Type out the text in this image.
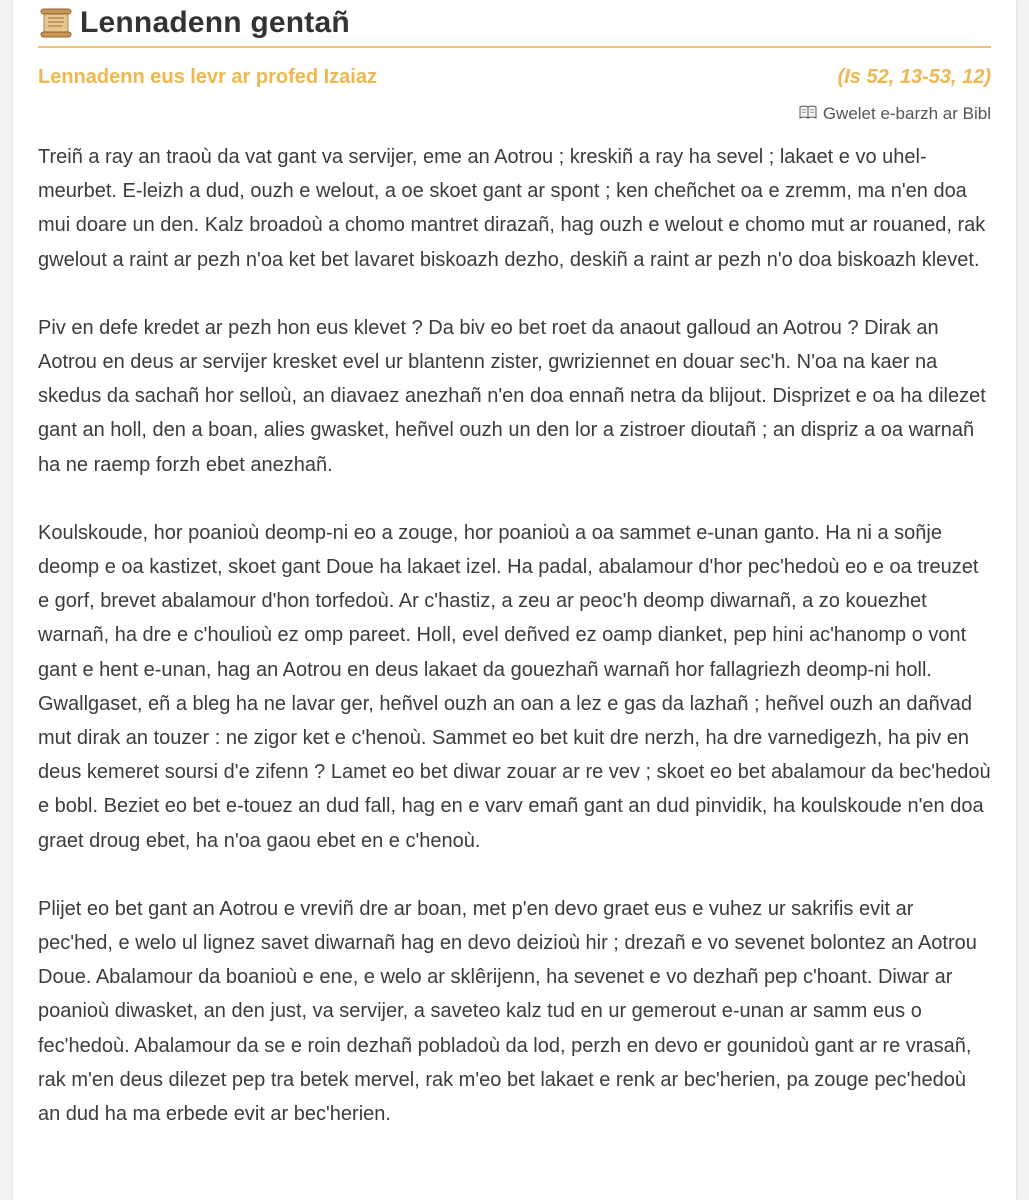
Lennadenn gentañ
Lennadenn eus levr ar profed Izaiaz	(Is 52, 13-53, 12)
Gwelet e-barzh ar Bibl

Treiñ a ray an traoù da vat gant va servijer, eme an Aotrou ; kreskiñ a ray ha sevel ; lakaet e vo uhel-meurbet. E-leizh a dud, ouzh e welout, a oe skoet gant ar spont ; ken cheñchet oa e zremm, ma n'en doa mui doare un den. Kalz broadoù a chomo mantret dirazañ, hag ouzh e welout e chomo mut ar rouaned, rak gwelout a raint ar pezh n'oa ket bet lavaret biskoazh dezho, deskiñ a raint ar pezh n'o doa biskoazh klevet.

Piv en defe kredet ar pezh hon eus klevet ? Da biv eo bet roet da anaout galloud an Aotrou ? Dirak an Aotrou en deus ar servijer kresket evel ur blantenn zister, gwriziennet en douar sec'h. N'oa na kaer na skedus da sachañ hor selloù, an diavaez anezhañ n'en doa ennañ netra da blijout. Disprizet e oa ha dilezet gant an holl, den a boan, alies gwasket, heñvel ouzh un den lor a zistroer dioutañ ; an dispriz a oa warnañ ha ne raemp forzh ebet anezhañ.

Koulskoude, hor poanioù deomp-ni eo a zouge, hor poanioù a oa sammet e-unan ganto. Ha ni a soñje deomp e oa kastizet, skoet gant Doue ha lakaet izel. Ha padal, abalamour d'hor pec'hedoù eo e oa treuzet e gorf, brevet abalamour d'hon torfedoù. Ar c'hastiz, a zeu ar peoc'h deomp diwarnañ, a zo kouezhet warnañ, ha dre e c'houlioù ez omp pareet. Holl, evel deñved ez oamp dianket, pep hini ac'hanomp o vont gant e hent e-unan, hag an Aotrou en deus lakaet da gouezhañ warnañ hor fallagriezh deomp-ni holl. Gwallgaset, eñ a bleg ha ne lavar ger, heñvel ouzh an oan a lez e gas da lazhañ ; heñvel ouzh an dañvad mut dirak an touzer : ne zigor ket e c'henoù. Sammet eo bet kuit dre nerzh, ha dre varnedigezh, ha piv en deus kemeret soursi d'e zifenn ? Lamet eo bet diwar zouar ar re vev ; skoet eo bet abalamour da bec'hedoù e bobl. Beziet eo bet e-touez an dud fall, hag en e varv emañ gant an dud pinvidik, ha koulskoude n'en doa graet droug ebet, ha n'oa gaou ebet en e c'henoù.

Plijet eo bet gant an Aotrou e vreviñ dre ar boan, met p'en devo graet eus e vuhez ur sakrifis evit ar pec'hed, e welo ul lignez savet diwarnañ hag en devo deizioù hir ; drezañ e vo sevenet bolontez an Aotrou Doue. Abalamour da boanioù e ene, e welo ar sklêrijenn, ha sevenet e vo dezhañ pep c'hoant. Diwar ar poanioù diwasket, an den just, va servijer, a saveteo kalz tud en ur gemerout e-unan ar samm eus o fec'hedoù. Abalamour da se e roin dezhañ pobladoù da lod, perzh en devo er gounidoù gant ar re vrasañ, rak m'en deus dilezet pep tra betek mervel, rak m'eo bet lakaet e renk ar bec'herien, pa zouge pec'hedoù an dud ha ma erbede evit ar bec'herien.
